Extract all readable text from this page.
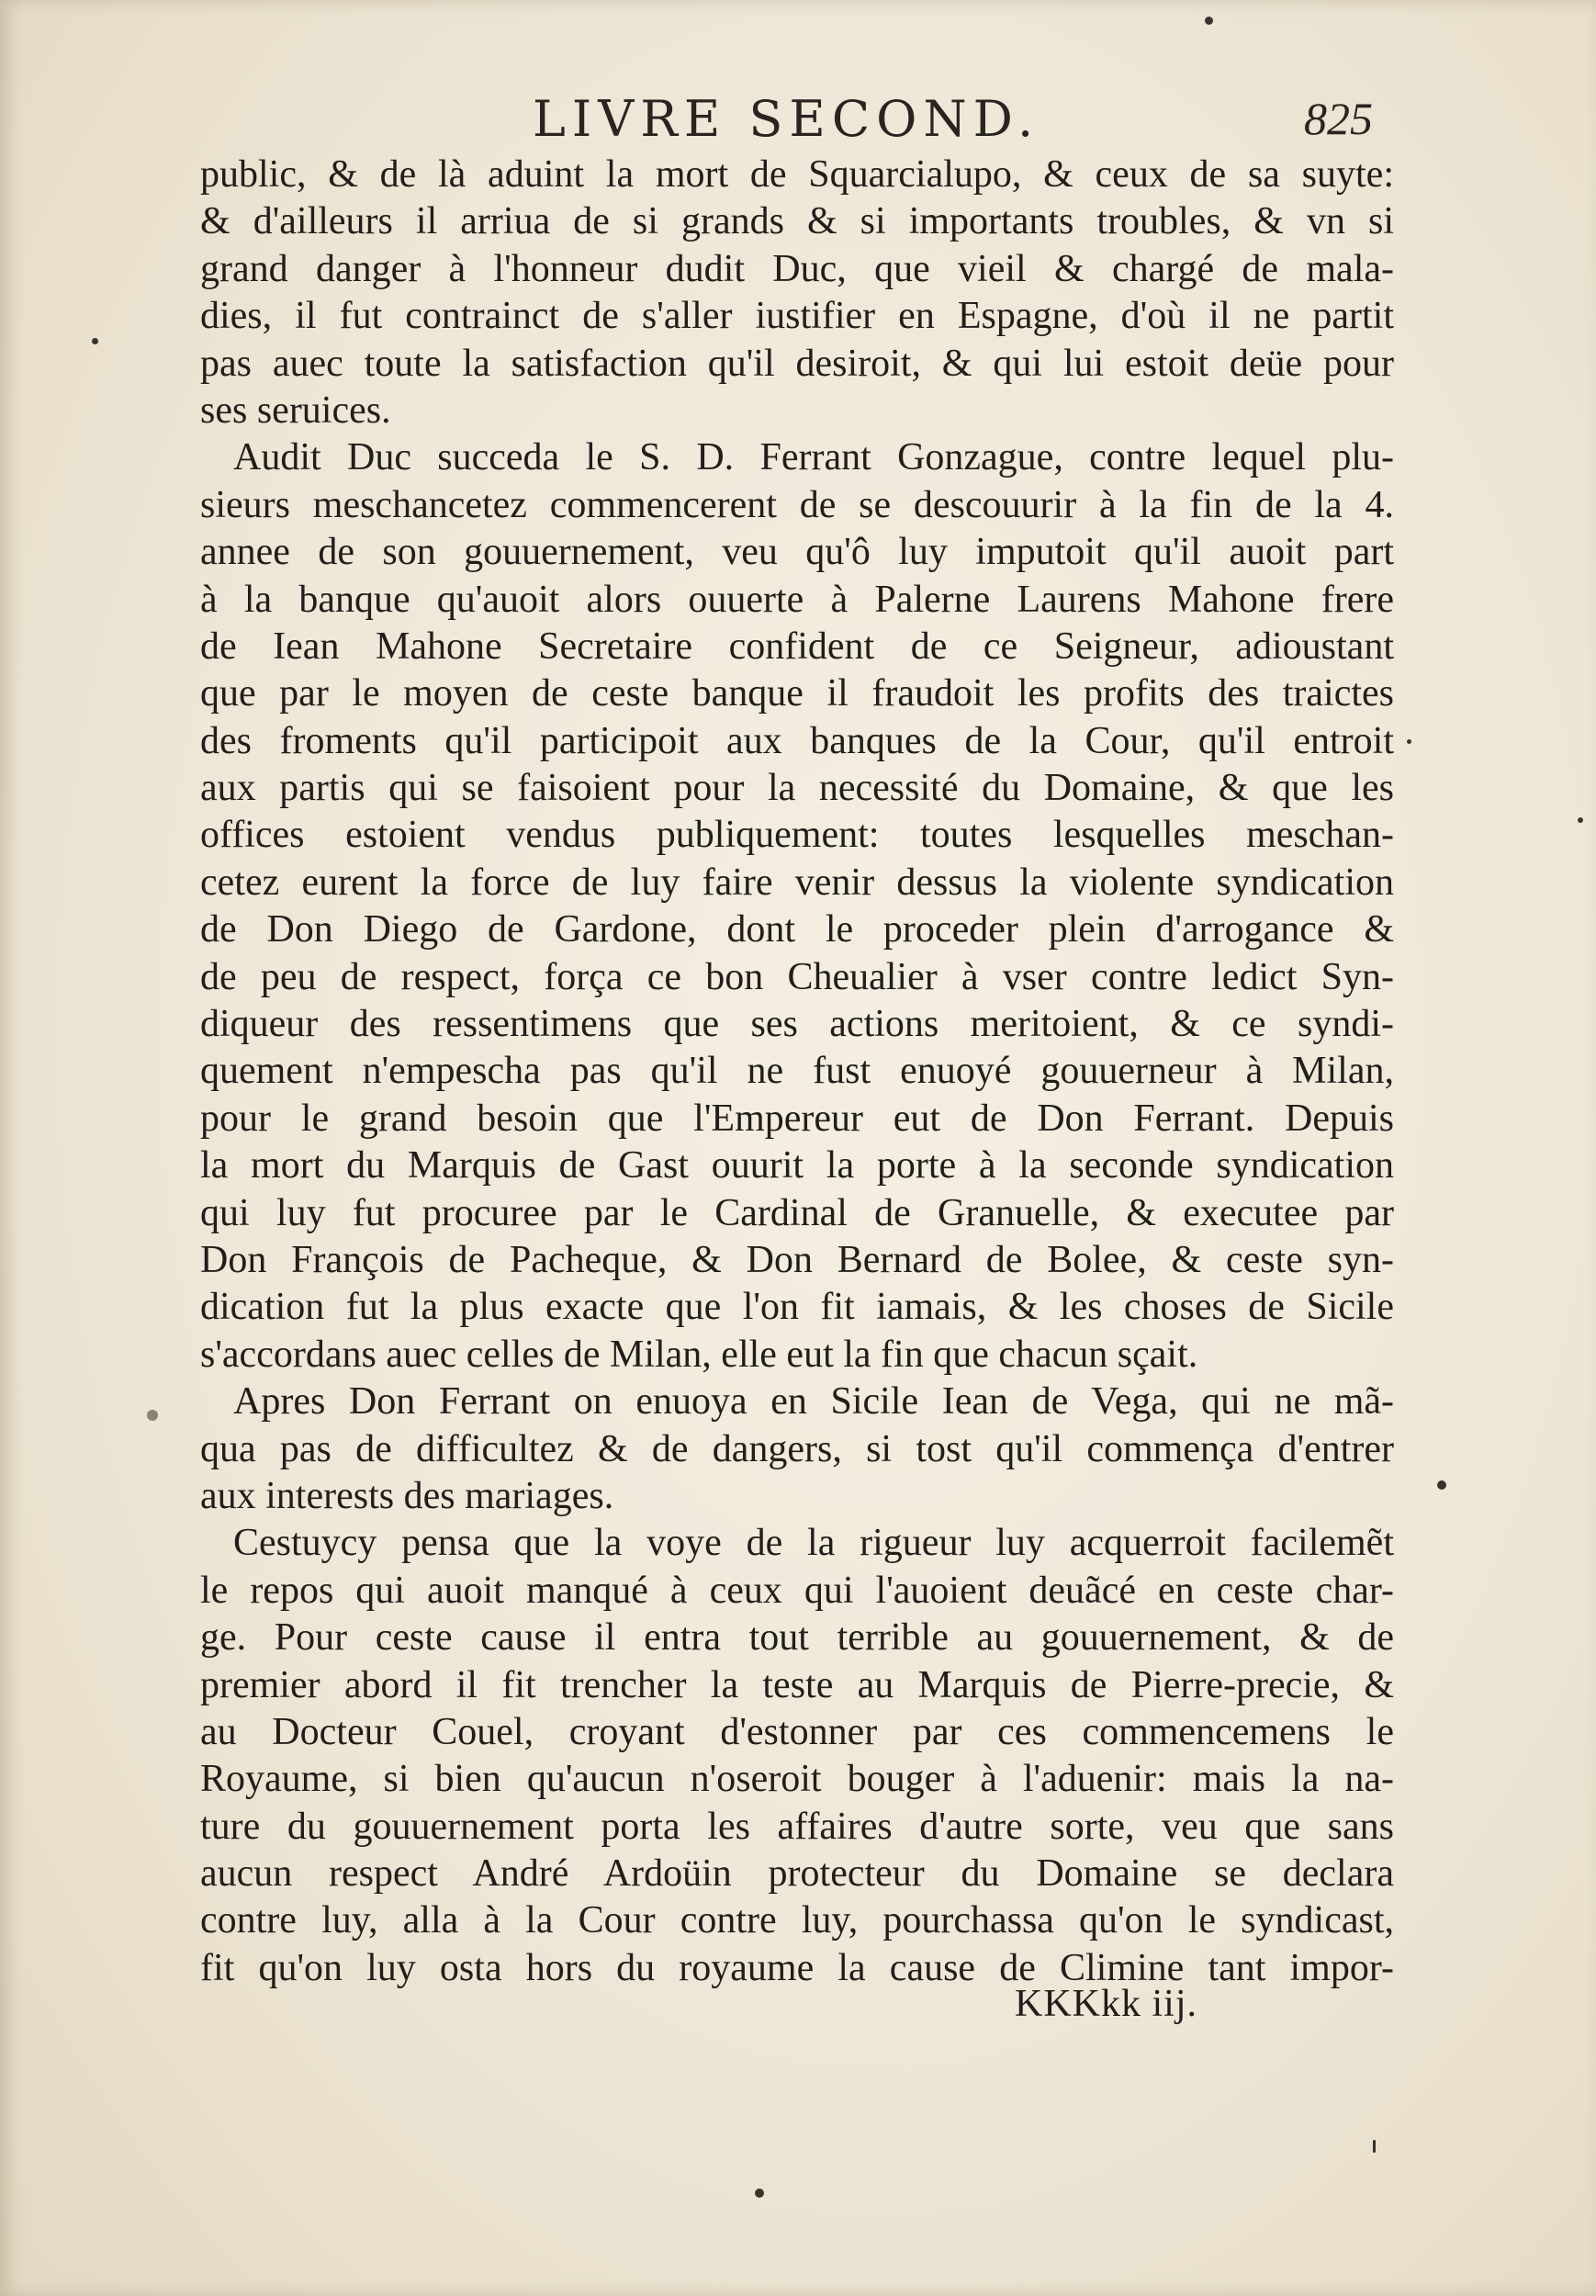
LIVRE SECOND.	825
public, & de là aduint la mort de Squarcialupo, & ceux de sa suyte:
& d'ailleurs il arriua de si grands & si importants troubles, & vn si
grand danger à l'honneur dudit Duc, que vieil & chargé de mala-
dies, il fut contrainct de s'aller iustifier en Espagne, d'où il ne partit
pas auec toute la satisfaction qu'il desiroit, & qui lui estoit deüe pour
ses seruices.
Audit Duc succeda le S. D. Ferrant Gonzague, contre lequel plu-
sieurs meschancetez commencerent de se descouurir à la fin de la 4.
annee de son gouuernement, veu qu'ô luy imputoit qu'il auoit part
à la banque qu'auoit alors ouuerte à Palerne Laurens Mahone frere
de Iean Mahone Secretaire confident de ce Seigneur, adioustant
que par le moyen de ceste banque il fraudoit les profits des traictes
des froments qu'il participoit aux banques de la Cour, qu'il entroit
aux partis qui se faisoient pour la necessité du Domaine, & que les
offices estoient vendus publiquement: toutes lesquelles meschan-
cetez eurent la force de luy faire venir dessus la violente syndication
de Don Diego de Gardone, dont le proceder plein d'arrogance &
de peu de respect, força ce bon Cheualier à vser contre ledict Syn-
diqueur des ressentimens que ses actions meritoient, & ce syndi-
quement n'empescha pas qu'il ne fust enuoyé gouuerneur à Milan,
pour le grand besoin que l'Empereur eut de Don Ferrant. Depuis
la mort du Marquis de Gast ouurit la porte à la seconde syndication
qui luy fut procuree par le Cardinal de Granuelle, & executee par
Don François de Pacheque, & Don Bernard de Bolee, & ceste syn-
dication fut la plus exacte que l'on fit iamais, & les choses de Sicile
s'accordans auec celles de Milan, elle eut la fin que chacun sçait.
Apres Don Ferrant on enuoya en Sicile Iean de Vega, qui ne mã-
qua pas de difficultez & de dangers, si tost qu'il commença d'entrer
aux interests des mariages.
Cestuycy pensa que la voye de la rigueur luy acquerroit facilemẽt
le repos qui auoit manqué à ceux qui l'auoient deuãcé en ceste char-
ge. Pour ceste cause il entra tout terrible au gouuernement, & de
premier abord il fit trencher la teste au Marquis de Pierre-precie, &
au Docteur Couel, croyant d'estonner par ces commencemens le
Royaume, si bien qu'aucun n'oseroit bouger à l'aduenir: mais la na-
ture du gouuernement porta les affaires d'autre sorte, veu que sans
aucun respect André Ardoüin protecteur du Domaine se declara
contre luy, alla à la Cour contre luy, pourchassa qu'on le syndicast,
fit qu'on luy osta hors du royaume la cause de Climine tant impor-
KKKkk iij.
